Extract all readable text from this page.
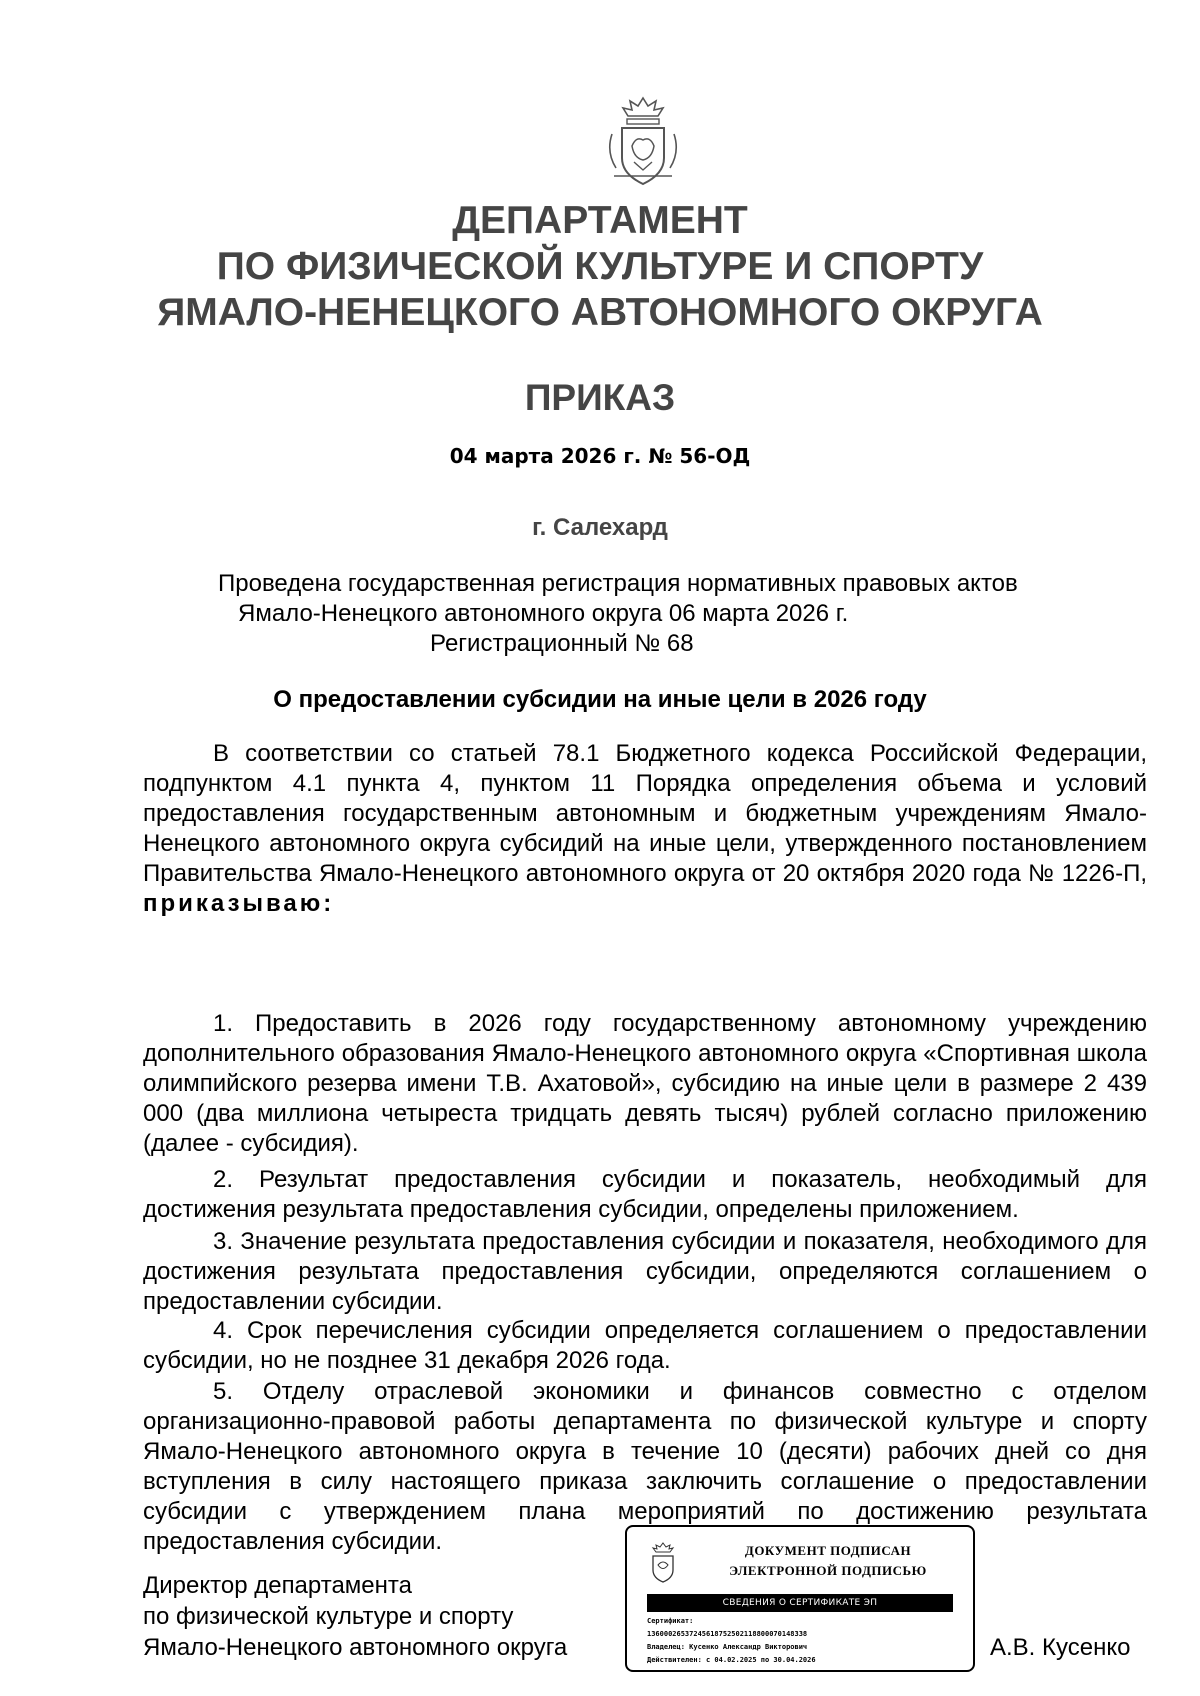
ДЕПАРТАМЕНТ
ПО ФИЗИЧЕСКОЙ КУЛЬТУРЕ И СПОРТУ
ЯМАЛО-НЕНЕЦКОГО АВТОНОМНОГО ОКРУГА
ПРИКАЗ
04 марта 2026 г. № 56-ОД
г. Салехард
Проведена государственная регистрация нормативных правовых актов
Ямало-Ненецкого автономного округа 06 марта 2026 г.
Регистрационный № 68
О предоставлении субсидии на иные цели в 2026 году
В соответствии со статьей 78.1 Бюджетного кодекса Российской Федерации, подпунктом 4.1 пункта 4, пунктом 11 Порядка определения объема и условий предоставления государственным автономным и бюджетным учреждениям Ямало-Ненецкого автономного округа субсидий на иные цели, утвержденного постановлением Правительства Ямало-Ненецкого автономного округа от 20 октября 2020 года № 1226-П, приказываю:
1. Предоставить в 2026 году государственному автономному учреждению дополнительного образования Ямало-Ненецкого автономного округа «Спортивная школа олимпийского резерва имени Т.В. Ахатовой», субсидию на иные цели в размере 2 439 000 (два миллиона четыреста тридцать девять тысяч) рублей согласно приложению (далее - субсидия).
2. Результат предоставления субсидии и показатель, необходимый для достижения результата предоставления субсидии, определены приложением.
3. Значение результата предоставления субсидии и показателя, необходимого для достижения результата предоставления субсидии, определяются соглашением о предоставлении субсидии.
4. Срок перечисления субсидии определяется соглашением о предоставлении субсидии, но не позднее 31 декабря 2026 года.
5. Отделу отраслевой экономики и финансов совместно с отделом организационно-правовой работы департамента по физической культуре и спорту Ямало-Ненецкого автономного округа в течение 10 (десяти) рабочих дней со дня вступления в силу настоящего приказа заключить соглашение о предоставлении субсидии с утверждением плана мероприятий по достижению результата предоставления субсидии.
Директор департамента
по физической культуре и спорту
Ямало-Ненецкого автономного округа
ДОКУМЕНТ ПОДПИСАН
ЭЛЕКТРОННОЙ ПОДПИСЬЮ
СВЕДЕНИЯ О СЕРТИФИКАТЕ ЭП
Сертификат:
13600026537245618752502118800070148338
Владелец: Кусенко Александр Викторович
Действителен: с 04.02.2025 по 30.04.2026	А.В. Кусенко
